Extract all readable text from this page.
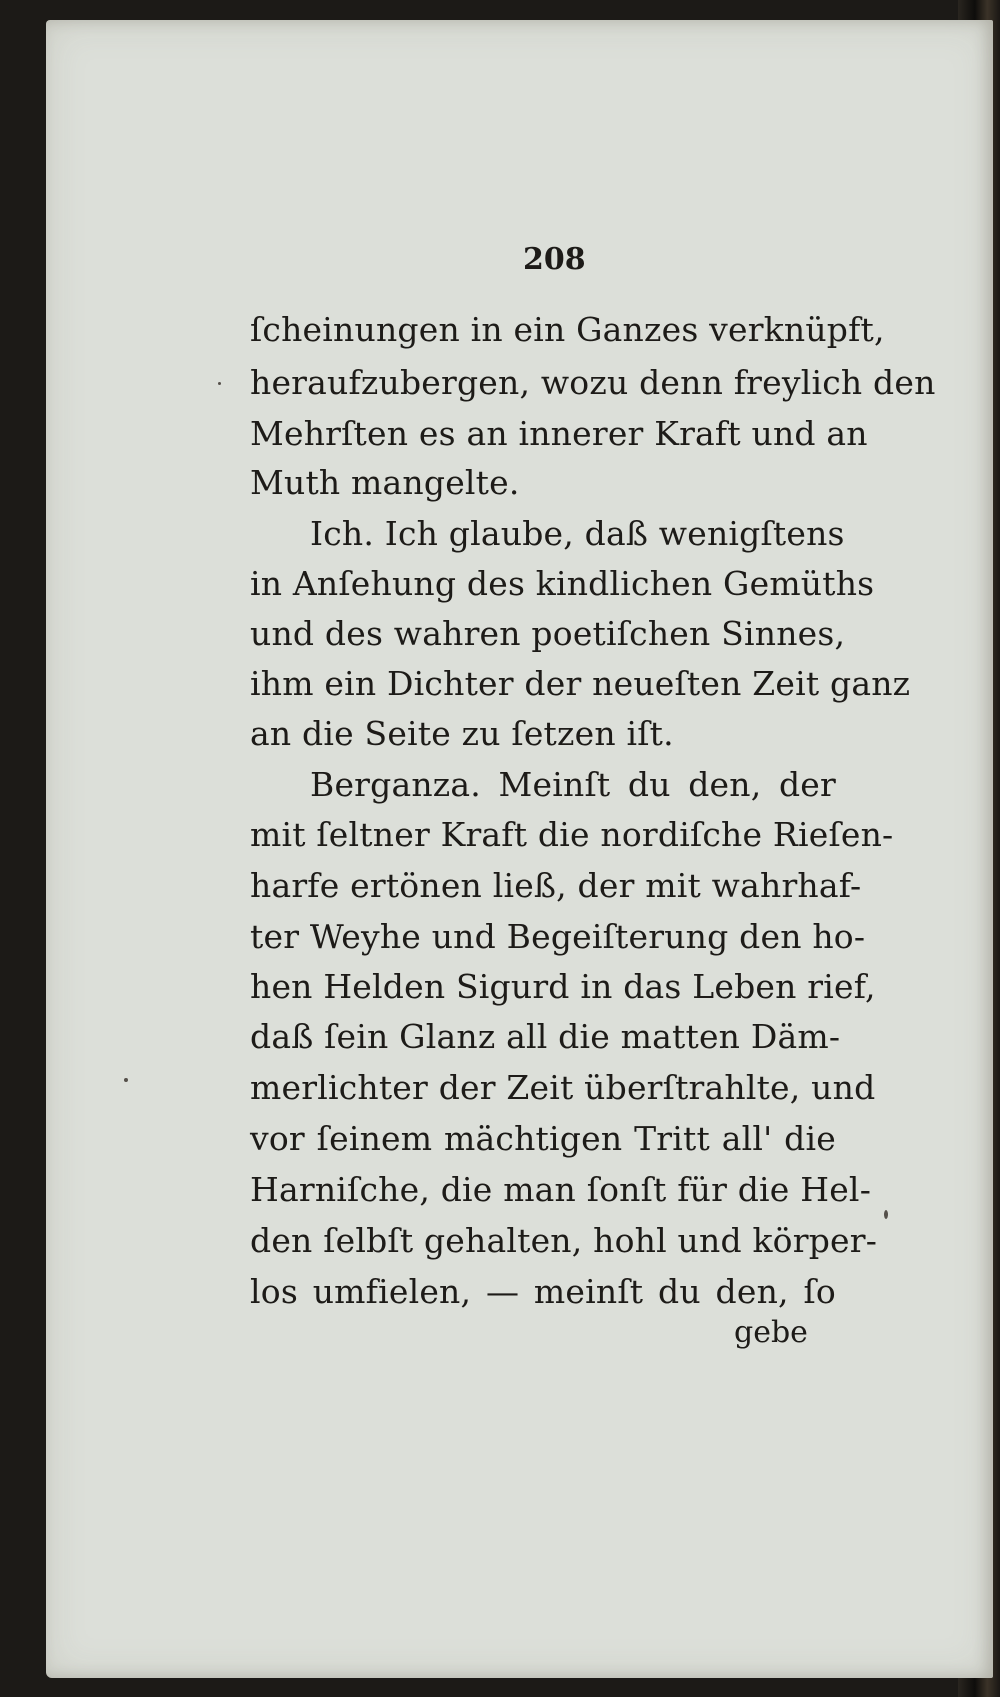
208
ſcheinungen in ein Ganzes verknüpft,
heraufzubergen, wozu denn freylich den
Mehrſten es an innerer Kraft und an
Muth mangelte.
Ich. Ich glaube, daß wenigſtens
in Anſehung des kindlichen Gemüths
und des wahren poetiſchen Sinnes,
ihm ein Dichter der neueſten Zeit ganz
an die Seite zu ſetzen iſt.
Berganza. Meinſt du den, der
mit ſeltner Kraft die nordiſche Rieſen-
harfe ertönen ließ, der mit wahrhaf-
ter Weyhe und Begeiſterung den ho-
hen Helden Sigurd in das Leben rief,
daß ſein Glanz all die matten Däm-
merlichter der Zeit überſtrahlte, und
vor ſeinem mächtigen Tritt all' die
Harniſche, die man ſonſt für die Hel-
den ſelbſt gehalten, hohl und körper-
los umfielen, — meinſt du den, ſo
gebe
